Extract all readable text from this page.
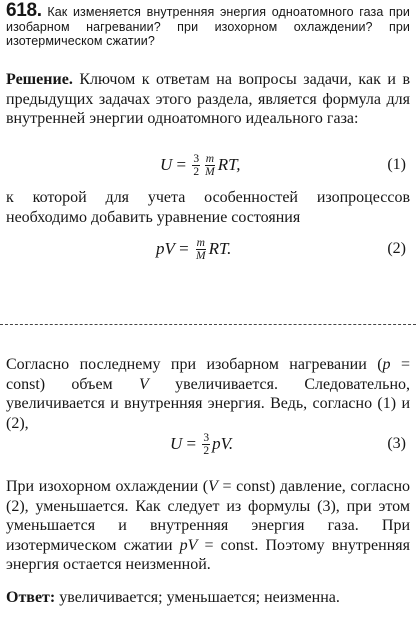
618. Как изменяется внутренняя энергия одноатомного газа при изобарном нагревании? при изохорном охлаждении? при изотермическом сжатии?

Решение. Ключом к ответам на вопросы задачи, как и в предыдущих задачах этого раздела, является формула для внутренней энергии одноатомного идеального газа:

$U = \frac{3}{2} \frac{m}{M}$ RT,	(1)

к которой для учета особенностей изопроцессов необходимо добавить уравнение состояния

pV = $\frac{m}{M}$ RT.	(2)

Согласно последнему при изобарном нагревании (p = const) объем V увеличивается. Следовательно, увеличивается и внутренняя энергия. Ведь, согласно (1) и (2),

$U = \frac{3}{2}$ pV.	(3)

При изохорном охлаждении (V = const) давление, согласно (2), уменьшается. Как следует из формулы (3), при этом уменьшается и внутренняя энергия газа. При изотермическом сжатии pV = const. Поэтому внутренняя энергия остается неизменной.

Ответ: увеличивается; уменьшается; неизменна.
